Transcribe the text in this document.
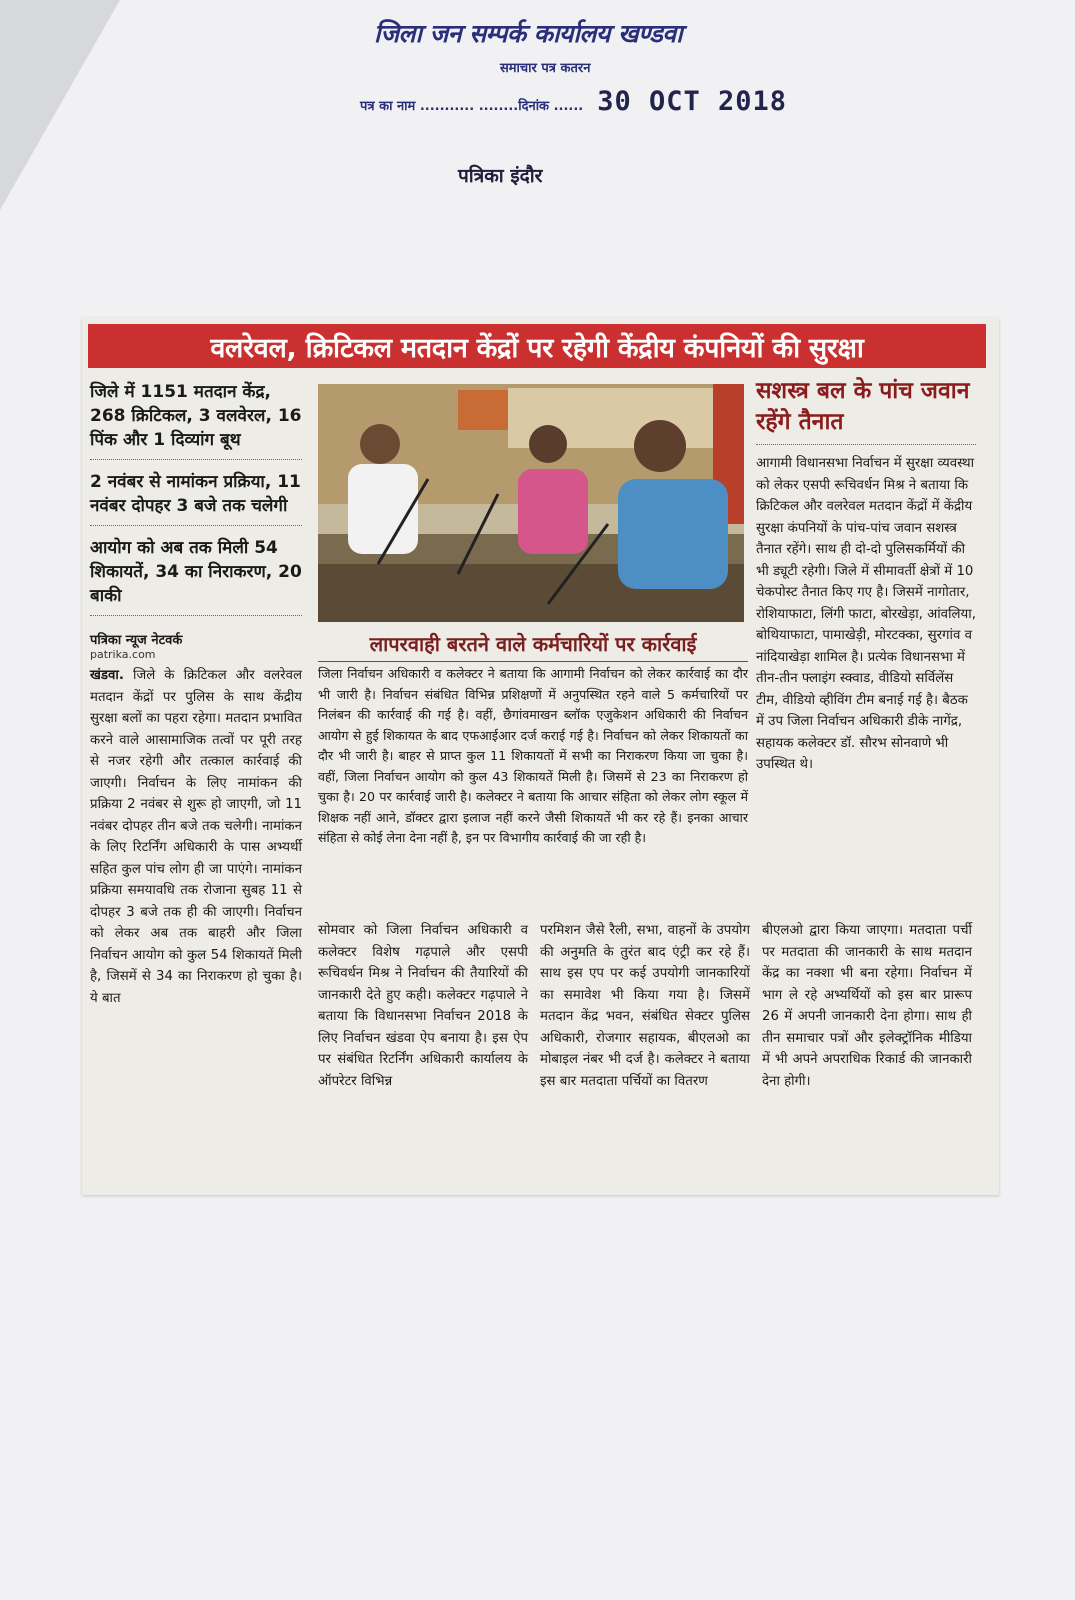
जिला जन सम्पर्क कार्यालय खण्डवा
समाचार पत्र कतरन
पत्र का नाम ........... ........ दिनांक ...... 30 OCT 2018
पत्रिका इंदौर
वलरेवल, क्रिटिकल मतदान केंद्रों पर रहेगी केंद्रीय कंपनियों की सुरक्षा
जिले में 1151 मतदान केंद्र, 268 क्रिटिकल, 3 वलवेरल, 16 पिंक और 1 दिव्यांग बूथ
2 नवंबर से नामांकन प्रक्रिया, 11 नवंबर दोपहर 3 बजे तक चलेगी
आयोग को अब तक मिली 54 शिकायतें, 34 का निराकरण, 20 बाकी
पत्रिका न्यूज नेटवर्क
patrika.com
खंडवा. जिले के क्रिटिकल और वलरेवल मतदान केंद्रों पर पुलिस के साथ केंद्रीय सुरक्षा बलों का पहरा रहेगा। मतदान प्रभावित करने वाले आसामाजिक तत्वों पर पूरी तरह से नजर रहेगी और तत्काल कार्रवाई की जाएगी। निर्वाचन के लिए नामांकन की प्रक्रिया 2 नवंबर से शुरू हो जाएगी, जो 11 नवंबर दोपहर तीन बजे तक चलेगी। नामांकन के लिए रिटर्निंग अधिकारी के पास अभ्यर्थी सहित कुल पांच लोग ही जा पाएंगे। नामांकन प्रक्रिया समयावधि तक रोजाना सुबह 11 से दोपहर 3 बजे तक ही की जाएगी। निर्वाचन को लेकर अब तक बाहरी और जिला निर्वाचन आयोग को कुल 54 शिकायतें मिली है, जिसमें से 34 का निराकरण हो चुका है। ये बात
लापरवाही बरतने वाले कर्मचारियों पर कार्रवाई
जिला निर्वाचन अधिकारी व कलेक्टर ने बताया कि आगामी निर्वाचन को लेकर कार्रवाई का दौर भी जारी है। निर्वाचन संबंधित विभिन्न प्रशिक्षणों में अनुपस्थित रहने वाले 5 कर्मचारियों पर निलंबन की कार्रवाई की गई है। वहीं, छैगांवमाखन ब्लॉक एजुकेशन अधिकारी की निर्वाचन आयोग से हुई शिकायत के बाद एफआईआर दर्ज कराई गई है। निर्वाचन को लेकर शिकायतों का दौर भी जारी है। बाहर से प्राप्त कुल 11 शिकायतों में सभी का निराकरण किया जा चुका है। वहीं, जिला निर्वाचन आयोग को कुल 43 शिकायतें मिली है। जिसमें से 23 का निराकरण हो चुका है। 20 पर कार्रवाई जारी है। कलेक्टर ने बताया कि आचार संहिता को लेकर लोग स्कूल में शिक्षक नहीं आने, डॉक्टर द्वारा इलाज नहीं करने जैसी शिकायतें भी कर रहे हैं। इनका आचार संहिता से कोई लेना देना नहीं है, इन पर विभागीय कार्रवाई की जा रही है।
सशस्त्र बल के पांच जवान रहेंगे तैनात
आगामी विधानसभा निर्वाचन में सुरक्षा व्यवस्था को लेकर एसपी रूचिवर्धन मिश्र ने बताया कि क्रिटिकल और वलरेवल मतदान केंद्रों में केंद्रीय सुरक्षा कंपनियों के पांच-पांच जवान सशस्त्र तैनात रहेंगे। साथ ही दो-दो पुलिसकर्मियों की भी ड्यूटी रहेगी। जिले में सीमावर्ती क्षेत्रों में 10 चेकपोस्ट तैनात किए गए है। जिसमें नागोतार, रोशियाफाटा, लिंगी फाटा, बोरखेड़ा, आंवलिया, बोथियाफाटा, पामाखेड़ी, मोरटक्का, सुरगांव व नांदियाखेड़ा शामिल है। प्रत्येक विधानसभा में तीन-तीन फ्लाइंग स्क्वाड, वीडियो सर्विलेंस टीम, वीडियो व्हीविंग टीम बनाई गई है। बैठक में उप जिला निर्वाचन अधिकारी डीके नागेंद्र, सहायक कलेक्टर डॉ. सौरभ सोनवाणे भी उपस्थित थे।
सोमवार को जिला निर्वाचन अधिकारी व कलेक्टर विशेष गढ़पाले और एसपी रूचिवर्धन मिश्र ने निर्वाचन की तैयारियों की जानकारी देते हुए कही। कलेक्टर गढ़पाले ने बताया कि विधानसभा निर्वाचन 2018 के लिए निर्वाचन खंडवा ऐप बनाया है। इस ऐप पर संबंधित रिटर्निंग अधिकारी कार्यालय के ऑपरेटर विभिन्न
परमिशन जैसे रैली, सभा, वाहनों के उपयोग की अनुमति के तुरंत बाद एंट्री कर रहे हैं। साथ इस एप पर कई उपयोगी जानकारियों का समावेश भी किया गया है। जिसमें मतदान केंद्र भवन, संबंधित सेक्टर पुलिस अधिकारी, रोजगार सहायक, बीएलओ का मोबाइल नंबर भी दर्ज है। कलेक्टर ने बताया इस बार मतदाता पर्चियों का वितरण
बीएलओ द्वारा किया जाएगा। मतदाता पर्ची पर मतदाता की जानकारी के साथ मतदान केंद्र का नक्शा भी बना रहेगा। निर्वाचन में भाग ले रहे अभ्यर्थियों को इस बार प्रारूप 26 में अपनी जानकारी देना होगा। साथ ही तीन समाचार पत्रों और इलेक्ट्रॉनिक मीडिया में भी अपने अपराधिक रिकार्ड की जानकारी देना होगी।
